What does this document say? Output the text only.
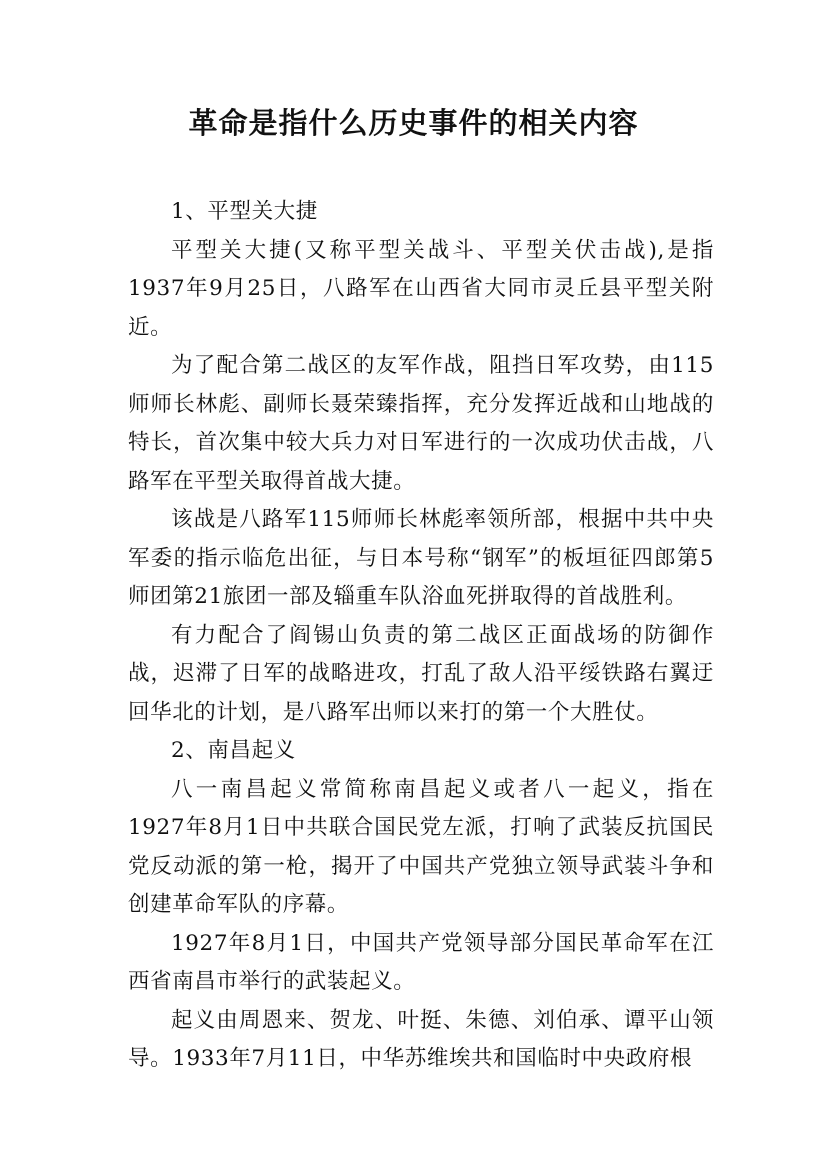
革命是指什么历史事件的相关内容

1、平型关大捷

平型关大捷(又称平型关战斗、平型关伏击战),是指1937年9月25日，八路军在山西省大同市灵丘县平型关附近。

为了配合第二战区的友军作战，阻挡日军攻势，由115师师长林彪、副师长聂荣臻指挥，充分发挥近战和山地战的特长，首次集中较大兵力对日军进行的一次成功伏击战，八路军在平型关取得首战大捷。

该战是八路军115师师长林彪率领所部，根据中共中央军委的指示临危出征，与日本号称“钢军”的板垣征四郎第5师团第21旅团一部及辎重车队浴血死拼取得的首战胜利。

有力配合了阎锡山负责的第二战区正面战场的防御作战，迟滞了日军的战略进攻，打乱了敌人沿平绥铁路右翼迂回华北的计划，是八路军出师以来打的第一个大胜仗。

2、南昌起义

八一南昌起义常简称南昌起义或者八一起义，指在1927年8月1日中共联合国民党左派，打响了武装反抗国民党反动派的第一枪，揭开了中国共产党独立领导武装斗争和创建革命军队的序幕。

1927年8月1日，中国共产党领导部分国民革命军在江西省南昌市举行的武装起义。

起义由周恩来、贺龙、叶挺、朱德、刘伯承、谭平山领导。1933年7月11日，中华苏维埃共和国临时中央政府根
